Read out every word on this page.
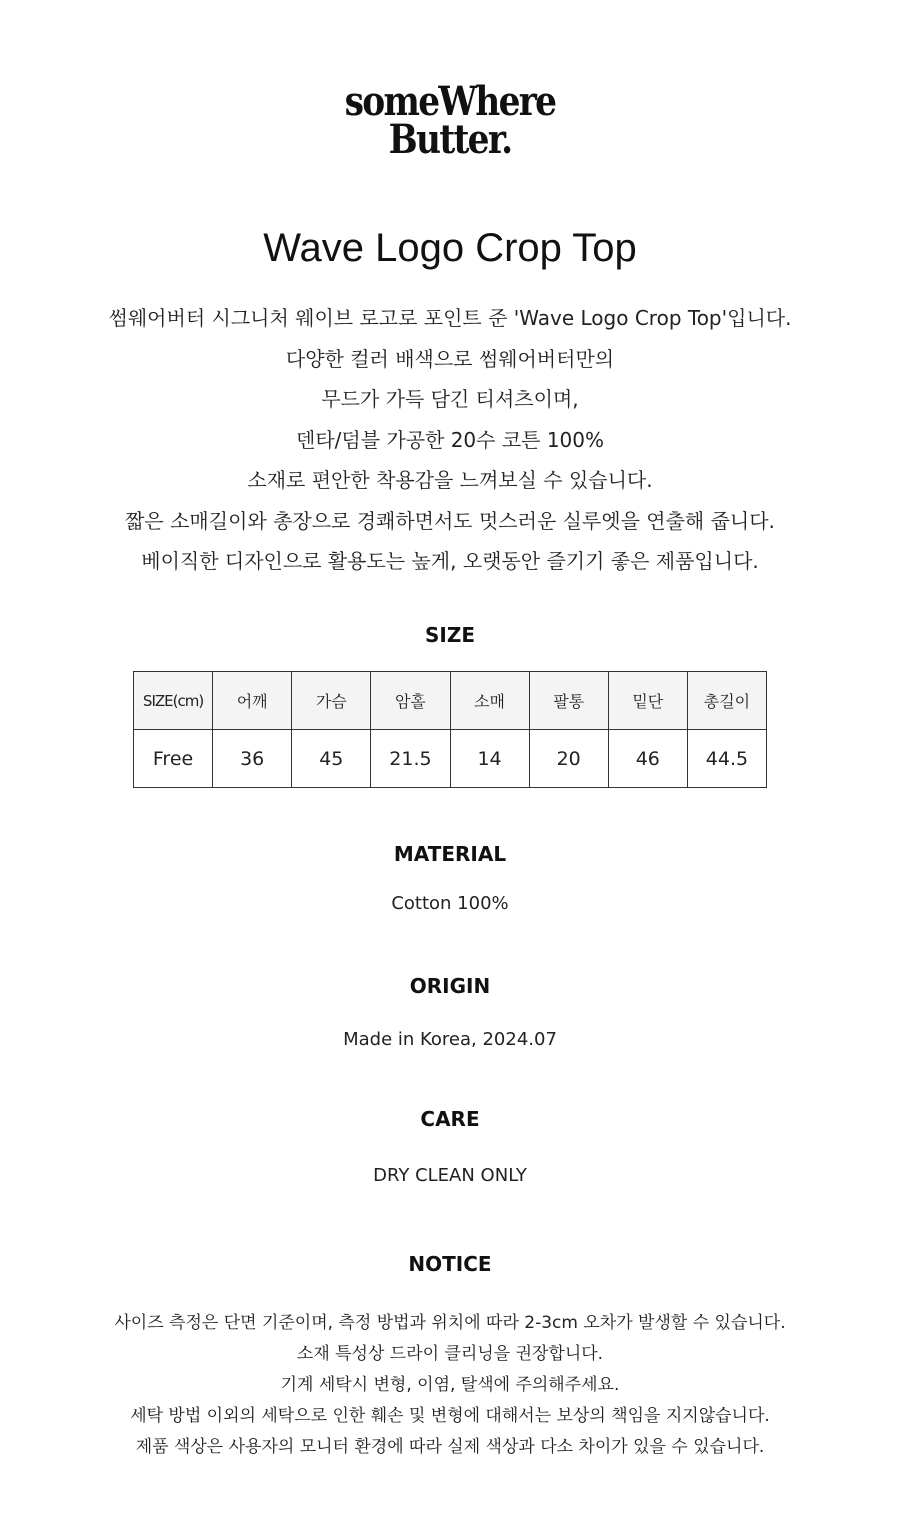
someWhere
Butter.
Wave Logo Crop Top
썸웨어버터 시그니처 웨이브 로고로 포인트 준 'Wave Logo Crop Top'입니다.
다양한 컬러 배색으로 썸웨어버터만의
무드가 가득 담긴 티셔츠이며,
덴타/덤블 가공한 20수 코튼 100%
소재로 편안한 착용감을 느껴보실 수 있습니다.
짧은 소매길이와 총장으로 경쾌하면서도 멋스러운 실루엣을 연출해 줍니다.
베이직한 디자인으로 활용도는 높게, 오랫동안 즐기기 좋은 제품입니다.
SIZE
SIZE(cm)	어깨	가슴	암홀	소매	팔통	밑단	총길이
Free	36	45	21.5	14	20	46	44.5
MATERIAL

Cotton 100%

ORIGIN

Made in Korea, 2024.07

CARE

DRY CLEAN ONLY

NOTICE
사이즈 측정은 단면 기준이며, 측정 방법과 위치에 따라 2-3cm 오차가 발생할 수 있습니다.
소재 특성상 드라이 클리닝을 권장합니다.
기계 세탁시 변형, 이염, 탈색에 주의해주세요.
세탁 방법 이외의 세탁으로 인한 훼손 및 변형에 대해서는 보상의 책임을 지지않습니다.
제품 색상은 사용자의 모니터 환경에 따라 실제 색상과 다소 차이가 있을 수 있습니다.
